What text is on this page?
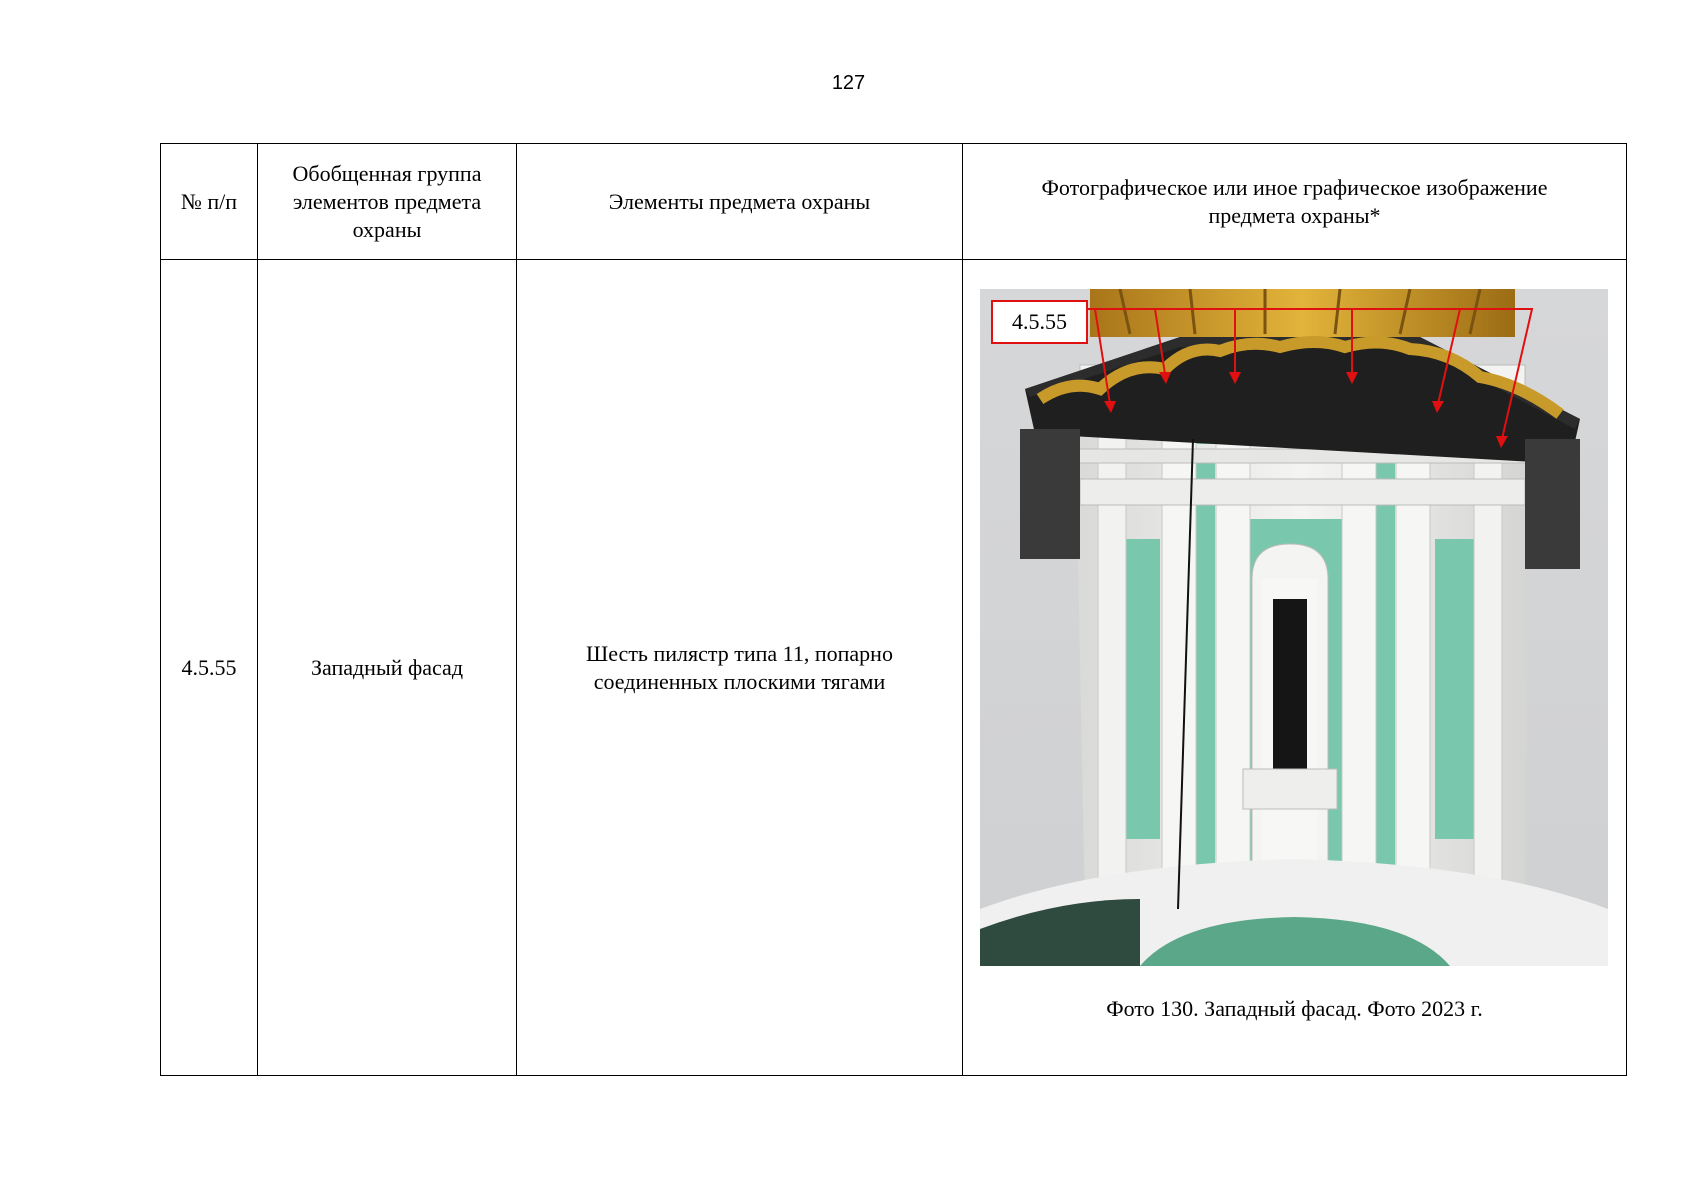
127
№ п/п	Обобщенная группа элементов предмета охраны	Элементы предмета охраны	Фотографическое или иное графическое изображение предмета охраны*
4.5.55	Западный фасад	Шесть пилястр типа 11, попарно соединенных плоскими тягами	4.5.55
Фото 130. Западный фасад. Фото 2023 г.
